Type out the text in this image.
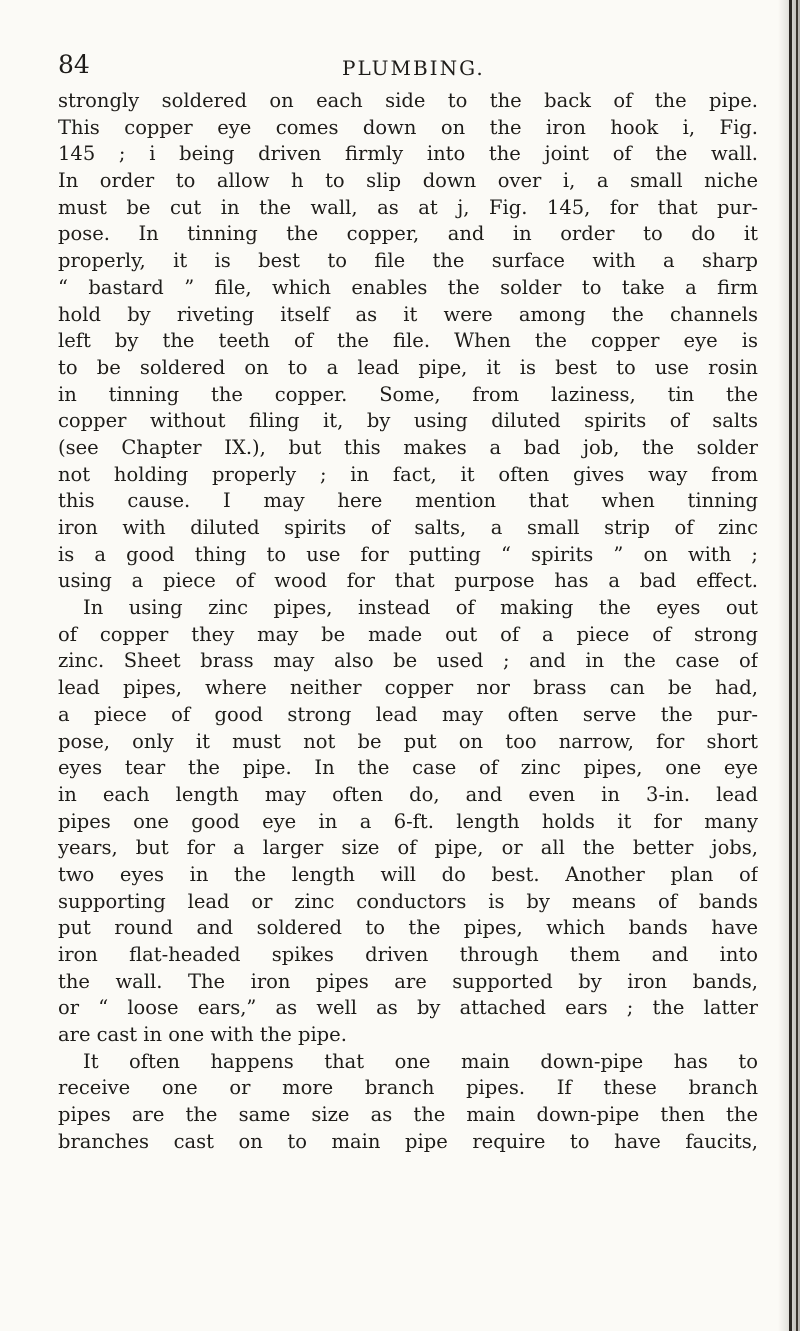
84	PLUMBING.
strongly soldered on each side to the back of the pipe.
This copper eye comes down on the iron hook i, Fig.
145 ; i being driven firmly into the joint of the wall.
In order to allow h to slip down over i, a small niche
must be cut in the wall, as at j, Fig. 145, for that pur-
pose. In tinning the copper, and in order to do it
properly, it is best to file the surface with a sharp
“ bastard ” file, which enables the solder to take a firm
hold by riveting itself as it were among the channels
left by the teeth of the file. When the copper eye is
to be soldered on to a lead pipe, it is best to use rosin
in tinning the copper. Some, from laziness, tin the
copper without filing it, by using diluted spirits of salts
(see Chapter IX.), but this makes a bad job, the solder
not holding properly ; in fact, it often gives way from
this cause. I may here mention that when tinning
iron with diluted spirits of salts, a small strip of zinc
is a good thing to use for putting “ spirits ” on with ;
using a piece of wood for that purpose has a bad effect.
In using zinc pipes, instead of making the eyes out
of copper they may be made out of a piece of strong
zinc. Sheet brass may also be used ; and in the case of
lead pipes, where neither copper nor brass can be had,
a piece of good strong lead may often serve the pur-
pose, only it must not be put on too narrow, for short
eyes tear the pipe. In the case of zinc pipes, one eye
in each length may often do, and even in 3-in. lead
pipes one good eye in a 6-ft. length holds it for many
years, but for a larger size of pipe, or all the better jobs,
two eyes in the length will do best. Another plan of
supporting lead or zinc conductors is by means of bands
put round and soldered to the pipes, which bands have
iron flat-headed spikes driven through them and into
the wall. The iron pipes are supported by iron bands,
or “ loose ears,” as well as by attached ears ; the latter
are cast in one with the pipe.
It often happens that one main down-pipe has to
receive one or more branch pipes. If these branch
pipes are the same size as the main down-pipe then the
branches cast on to main pipe require to have faucits,
